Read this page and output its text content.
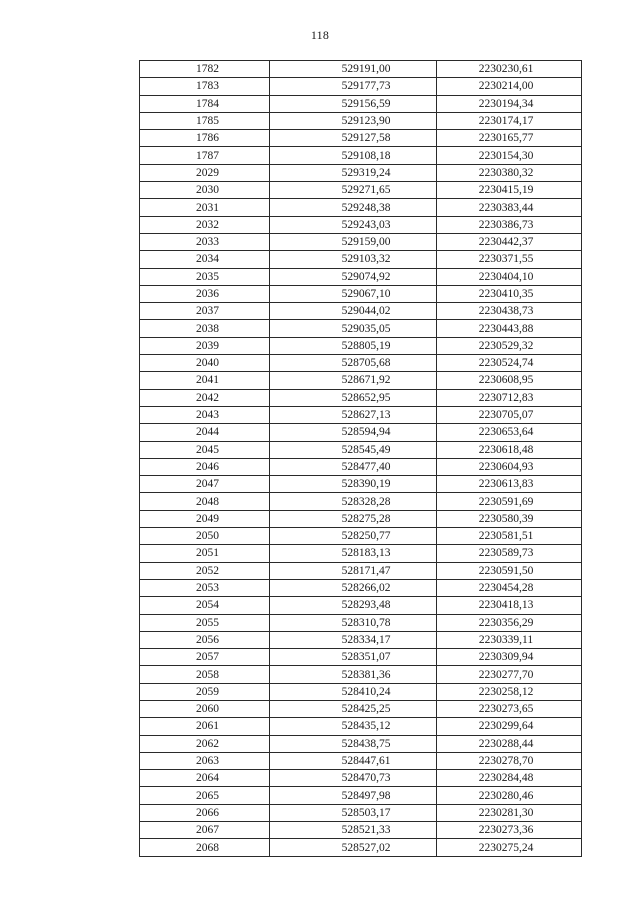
118
1782	529191,00	2230230,61
1783	529177,73	2230214,00
1784	529156,59	2230194,34
1785	529123,90	2230174,17
1786	529127,58	2230165,77
1787	529108,18	2230154,30
2029	529319,24	2230380,32
2030	529271,65	2230415,19
2031	529248,38	2230383,44
2032	529243,03	2230386,73
2033	529159,00	2230442,37
2034	529103,32	2230371,55
2035	529074,92	2230404,10
2036	529067,10	2230410,35
2037	529044,02	2230438,73
2038	529035,05	2230443,88
2039	528805,19	2230529,32
2040	528705,68	2230524,74
2041	528671,92	2230608,95
2042	528652,95	2230712,83
2043	528627,13	2230705,07
2044	528594,94	2230653,64
2045	528545,49	2230618,48
2046	528477,40	2230604,93
2047	528390,19	2230613,83
2048	528328,28	2230591,69
2049	528275,28	2230580,39
2050	528250,77	2230581,51
2051	528183,13	2230589,73
2052	528171,47	2230591,50
2053	528266,02	2230454,28
2054	528293,48	2230418,13
2055	528310,78	2230356,29
2056	528334,17	2230339,11
2057	528351,07	2230309,94
2058	528381,36	2230277,70
2059	528410,24	2230258,12
2060	528425,25	2230273,65
2061	528435,12	2230299,64
2062	528438,75	2230288,44
2063	528447,61	2230278,70
2064	528470,73	2230284,48
2065	528497,98	2230280,46
2066	528503,17	2230281,30
2067	528521,33	2230273,36
2068	528527,02	2230275,24
